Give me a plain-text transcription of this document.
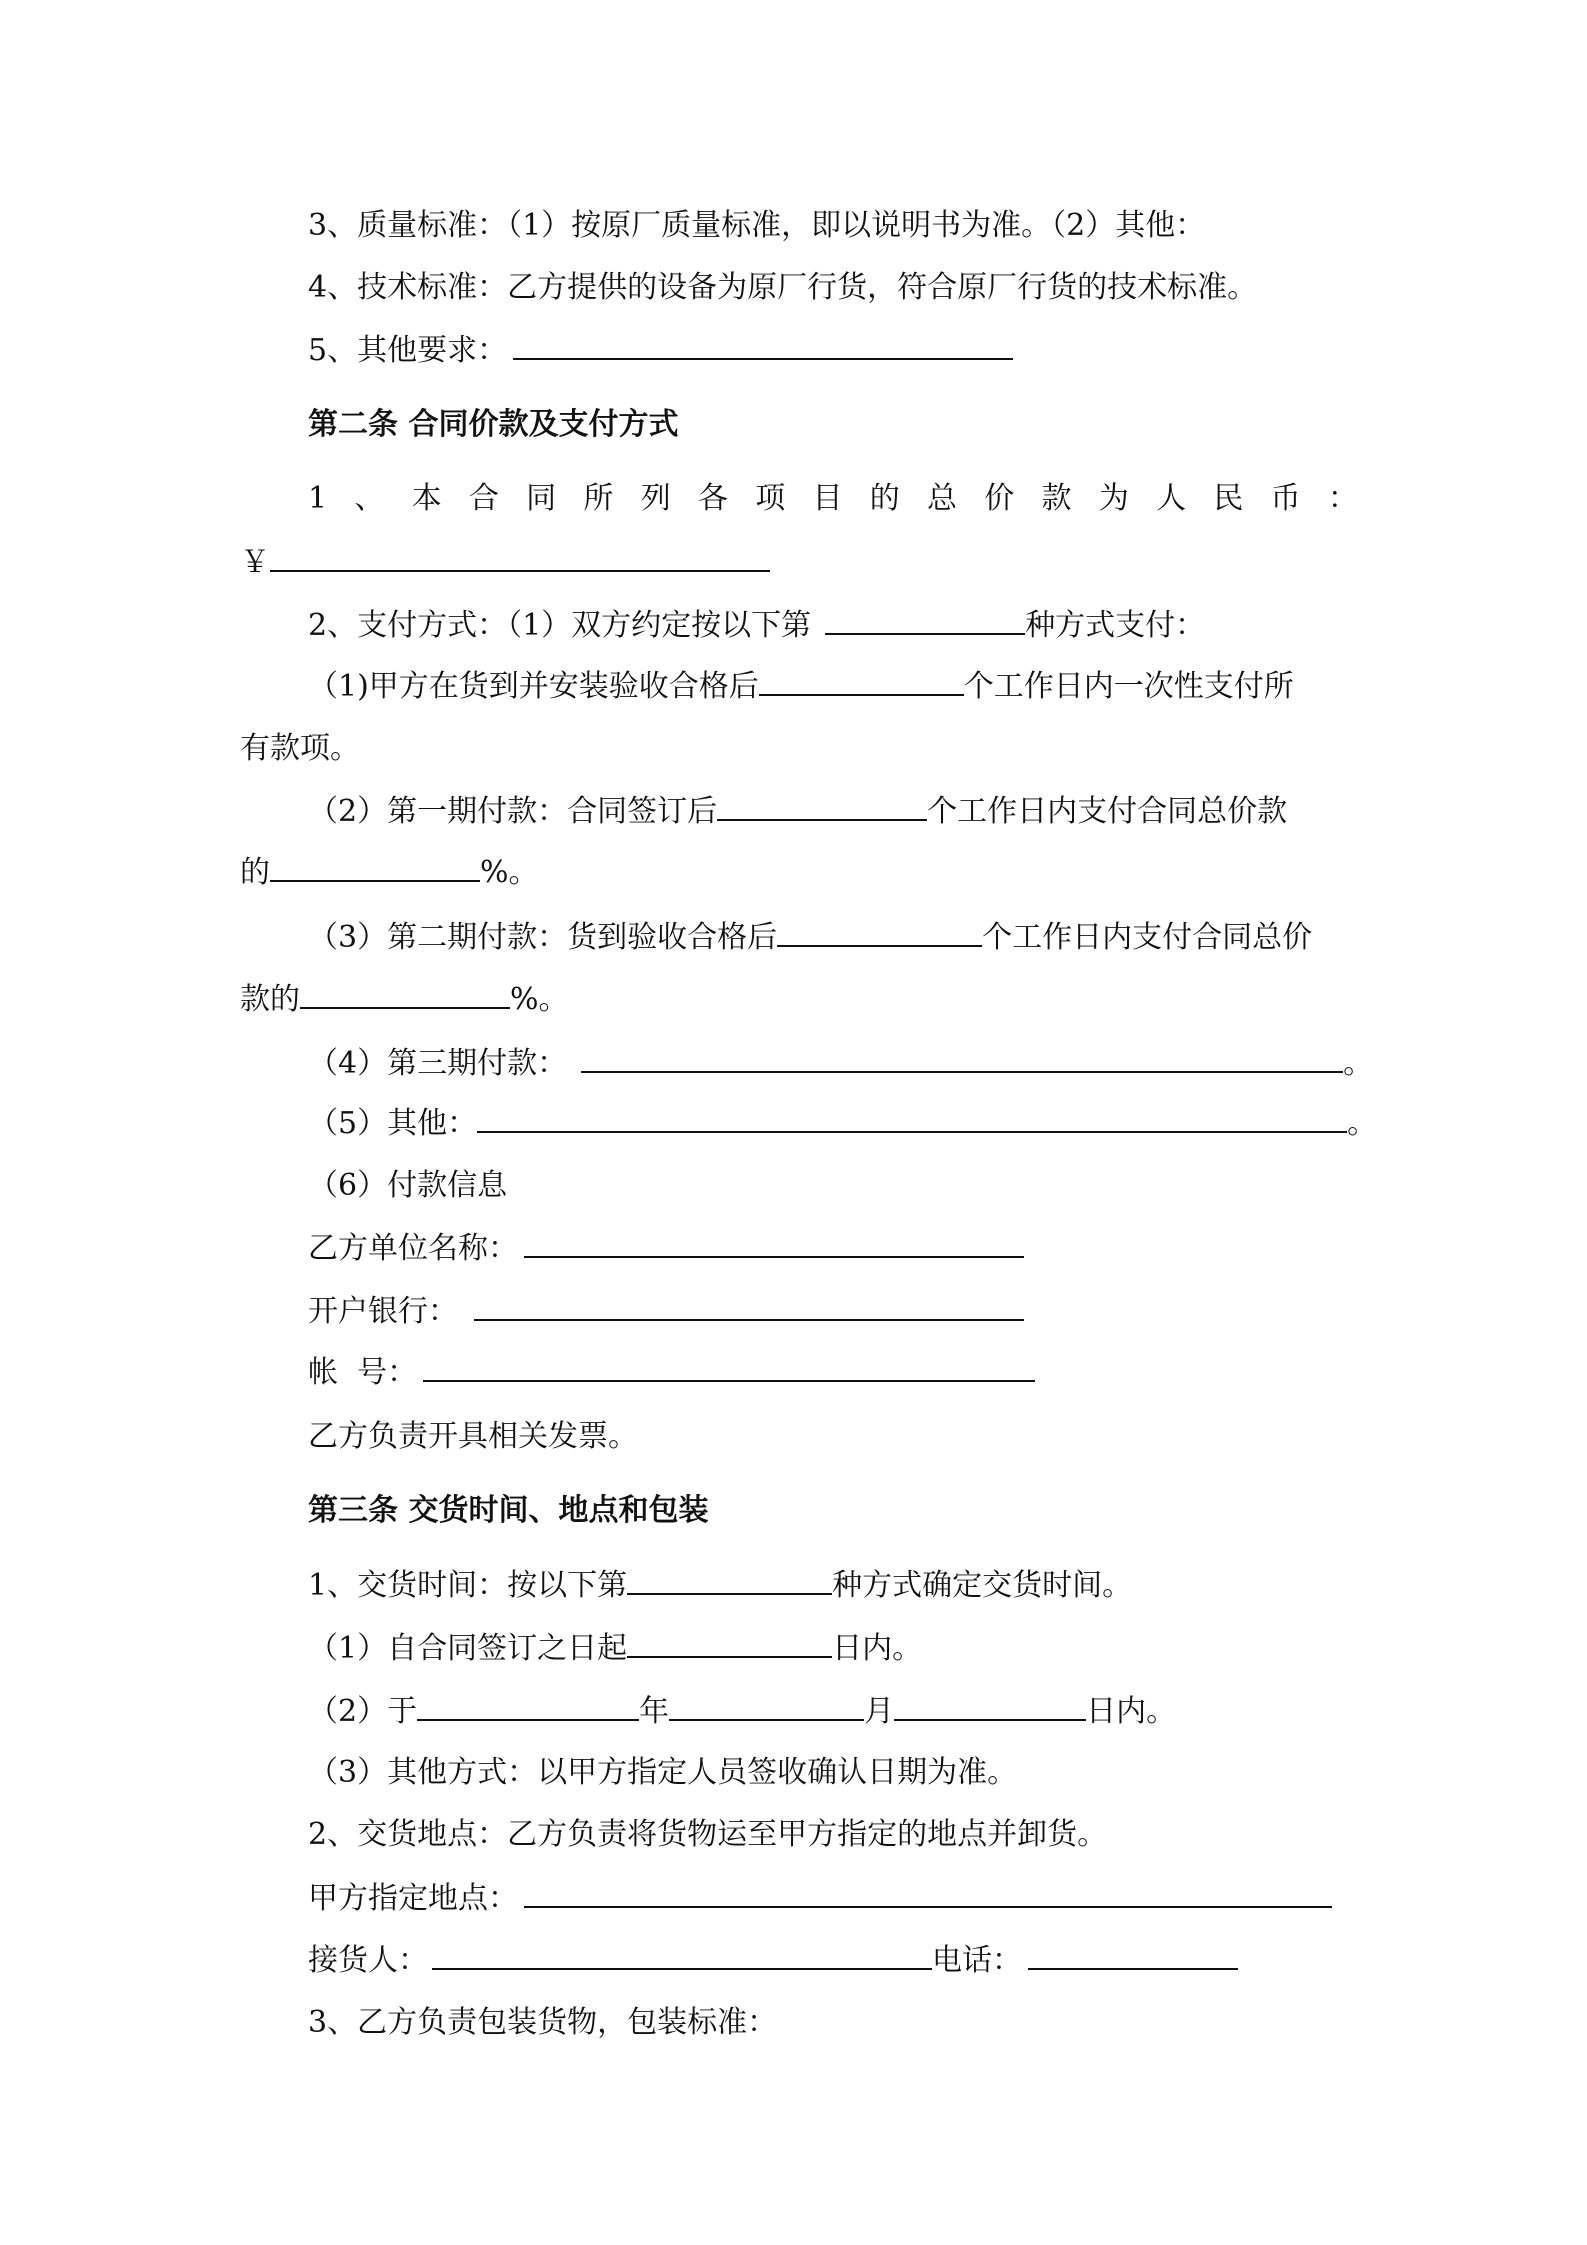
3、质量标准：（1）按原厂质量标准，即以说明书为准。（2）其他：
4、技术标准：乙方提供的设备为原厂行货，符合原厂行货的技术标准。
5、其他要求：
第二条 合同价款及支付方式
1 、 本 合 同 所 列 各 项 目 的 总 价 款 为 人 民 币 ：
￥
2、支付方式：（1）双方约定按以下第	种方式支付：
（1)甲方在货到并安装验收合格后	个工作日内一次性支付所
有款项。
（2）第一期付款：合同签订后	个工作日内支付合同总价款
的	%。
（3）第二期付款：货到验收合格后	个工作日内支付合同总价
款的	%。
（4）第三期付款：	。
（5）其他：	。
（6）付款信息
乙方单位名称：
开户银行：
帐  号：
乙方负责开具相关发票。
第三条 交货时间、地点和包装
1、交货时间：按以下第	种方式确定交货时间。
（1）自合同签订之日起	日内。
（2）于	年	月	日内。
（3）其他方式：以甲方指定人员签收确认日期为准。
2、交货地点：乙方负责将货物运至甲方指定的地点并卸货。
甲方指定地点：
接货人：	电话：
3、乙方负责包装货物，包装标准：
